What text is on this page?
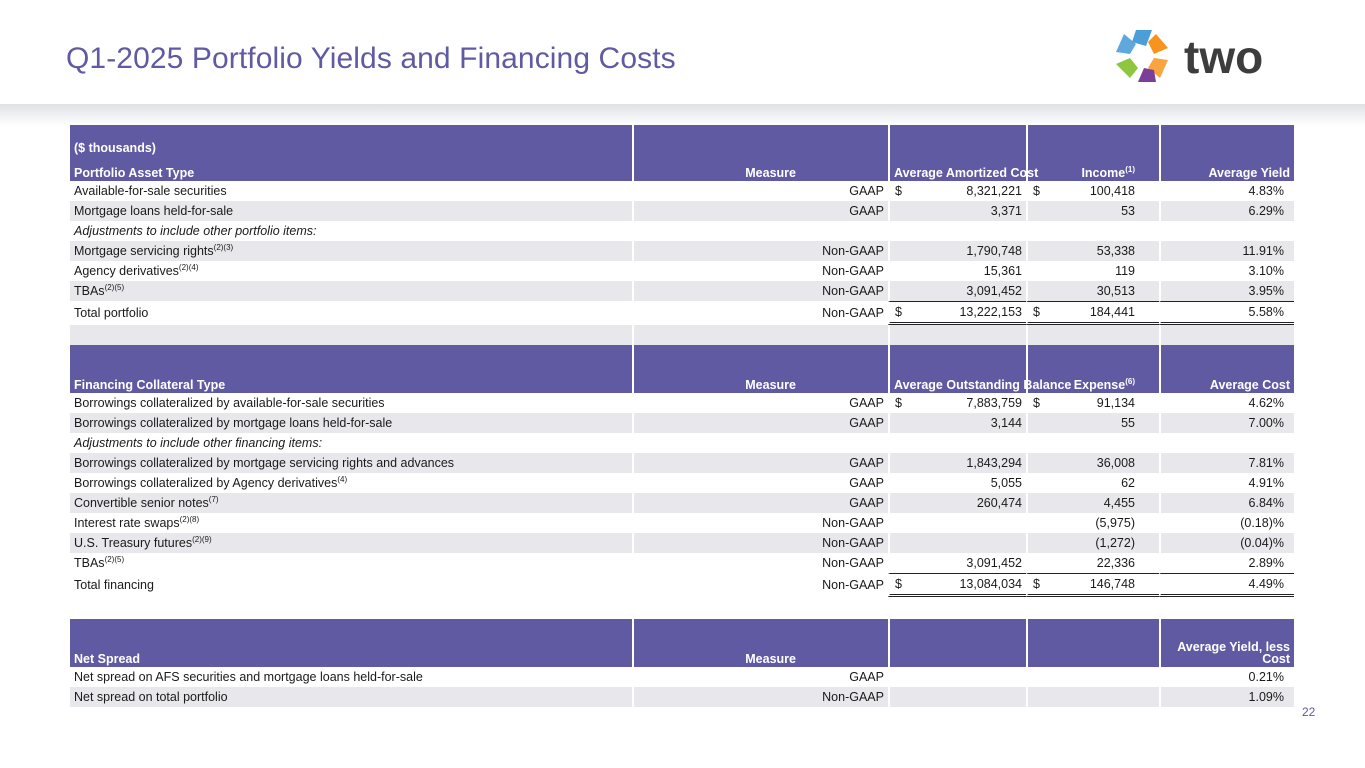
Q1-2025 Portfolio Yields and Financing Costs	two
($ thousands)
Portfolio Asset Type	Measure	Average Amortized Cost	Income$^{(1)}$	Average Yield
Available-for-sale securities	GAAP	$ 8,321,221	$ 100,418	4.83%
Mortgage loans held-for-sale	GAAP	3,371	53	6.29%
Adjustments to include other portfolio items:				
Mortgage servicing rights$^{(2)(3)}$	Non-GAAP	1,790,748	53,338	11.91%
Agency derivatives$^{(2)(4)}$	Non-GAAP	15,361	119	3.10%
TBAs$^{(2)(5)}$	Non-GAAP	3,091,452	30,513	3.95%
Total portfolio	Non-GAAP	$ 13,222,153	$ 184,441	5.58%

Financing Collateral Type	Measure	Average Outstanding Balance	Expense$^{(6)}$	Average Cost
Borrowings collateralized by available-for-sale securities	GAAP	$ 7,883,759	$ 91,134	4.62%
Borrowings collateralized by mortgage loans held-for-sale	GAAP	3,144	55	7.00%
Adjustments to include other financing items:				
Borrowings collateralized by mortgage servicing rights and advances	GAAP	1,843,294	36,008	7.81%
Borrowings collateralized by Agency derivatives$^{(4)}$	GAAP	5,055	62	4.91%
Convertible senior notes$^{(7)}$	GAAP	260,474	4,455	6.84%
Interest rate swaps$^{(2)(8)}$	Non-GAAP		(5,975)	(0.18)%
U.S. Treasury futures$^{(2)(9)}$	Non-GAAP		(1,272)	(0.04)%
TBAs$^{(2)(5)}$	Non-GAAP	3,091,452	22,336	2.89%
Total financing	Non-GAAP	$ 13,084,034	$ 146,748	4.49%

Net Spread	Measure			Average Yield, less Cost
Net spread on AFS securities and mortgage loans held-for-sale	GAAP			0.21%
Net spread on total portfolio	Non-GAAP			1.09%
22
